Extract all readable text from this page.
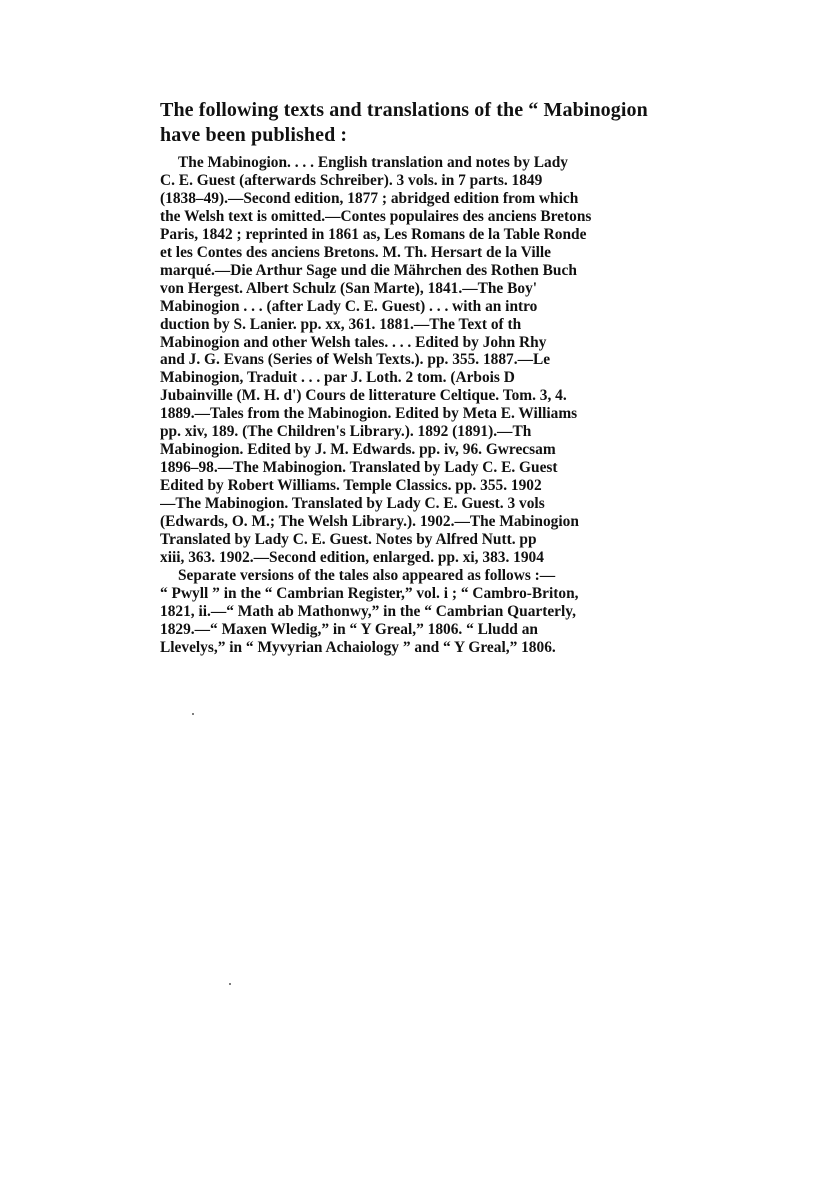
The following texts and translations of the “ Mabinogion
have been published :
The Mabinogion. . . . English translation and notes by Lady
C. E. Guest (afterwards Schreiber). 3 vols. in 7 parts. 1849
(1838–49).—Second edition, 1877 ; abridged edition from which
the Welsh text is omitted.—Contes populaires des anciens Bretons
Paris, 1842 ; reprinted in 1861 as, Les Romans de la Table Ronde
et les Contes des anciens Bretons. M. Th. Hersart de la Ville
marqué.—Die Arthur Sage und die Mährchen des Rothen Buch
von Hergest. Albert Schulz (San Marte), 1841.—The Boy'
Mabinogion . . . (after Lady C. E. Guest) . . . with an intro
duction by S. Lanier. pp. xx, 361. 1881.—The Text of th
Mabinogion and other Welsh tales. . . . Edited by John Rhy
and J. G. Evans (Series of Welsh Texts.). pp. 355. 1887.—Le
Mabinogion, Traduit . . . par J. Loth. 2 tom. (Arbois D
Jubainville (M. H. d') Cours de litterature Celtique. Tom. 3, 4.
1889.—Tales from the Mabinogion. Edited by Meta E. Williams
pp. xiv, 189. (The Children's Library.). 1892 (1891).—Th
Mabinogion. Edited by J. M. Edwards. pp. iv, 96. Gwrecsam
1896–98.—The Mabinogion. Translated by Lady C. E. Guest
Edited by Robert Williams. Temple Classics. pp. 355. 1902
—The Mabinogion. Translated by Lady C. E. Guest. 3 vols
(Edwards, O. M.; The Welsh Library.). 1902.—The Mabinogion
Translated by Lady C. E. Guest. Notes by Alfred Nutt. pp
xiii, 363. 1902.—Second edition, enlarged. pp. xi, 383. 1904
Separate versions of the tales also appeared as follows :—
“ Pwyll ” in the “ Cambrian Register,” vol. i ; “ Cambro-Briton,
1821, ii.—“ Math ab Mathonwy,” in the “ Cambrian Quarterly,
1829.—“ Maxen Wledig,” in “ Y Greal,” 1806. “ Lludd an
Llevelys,” in “ Myvyrian Achaiology ” and “ Y Greal,” 1806.
